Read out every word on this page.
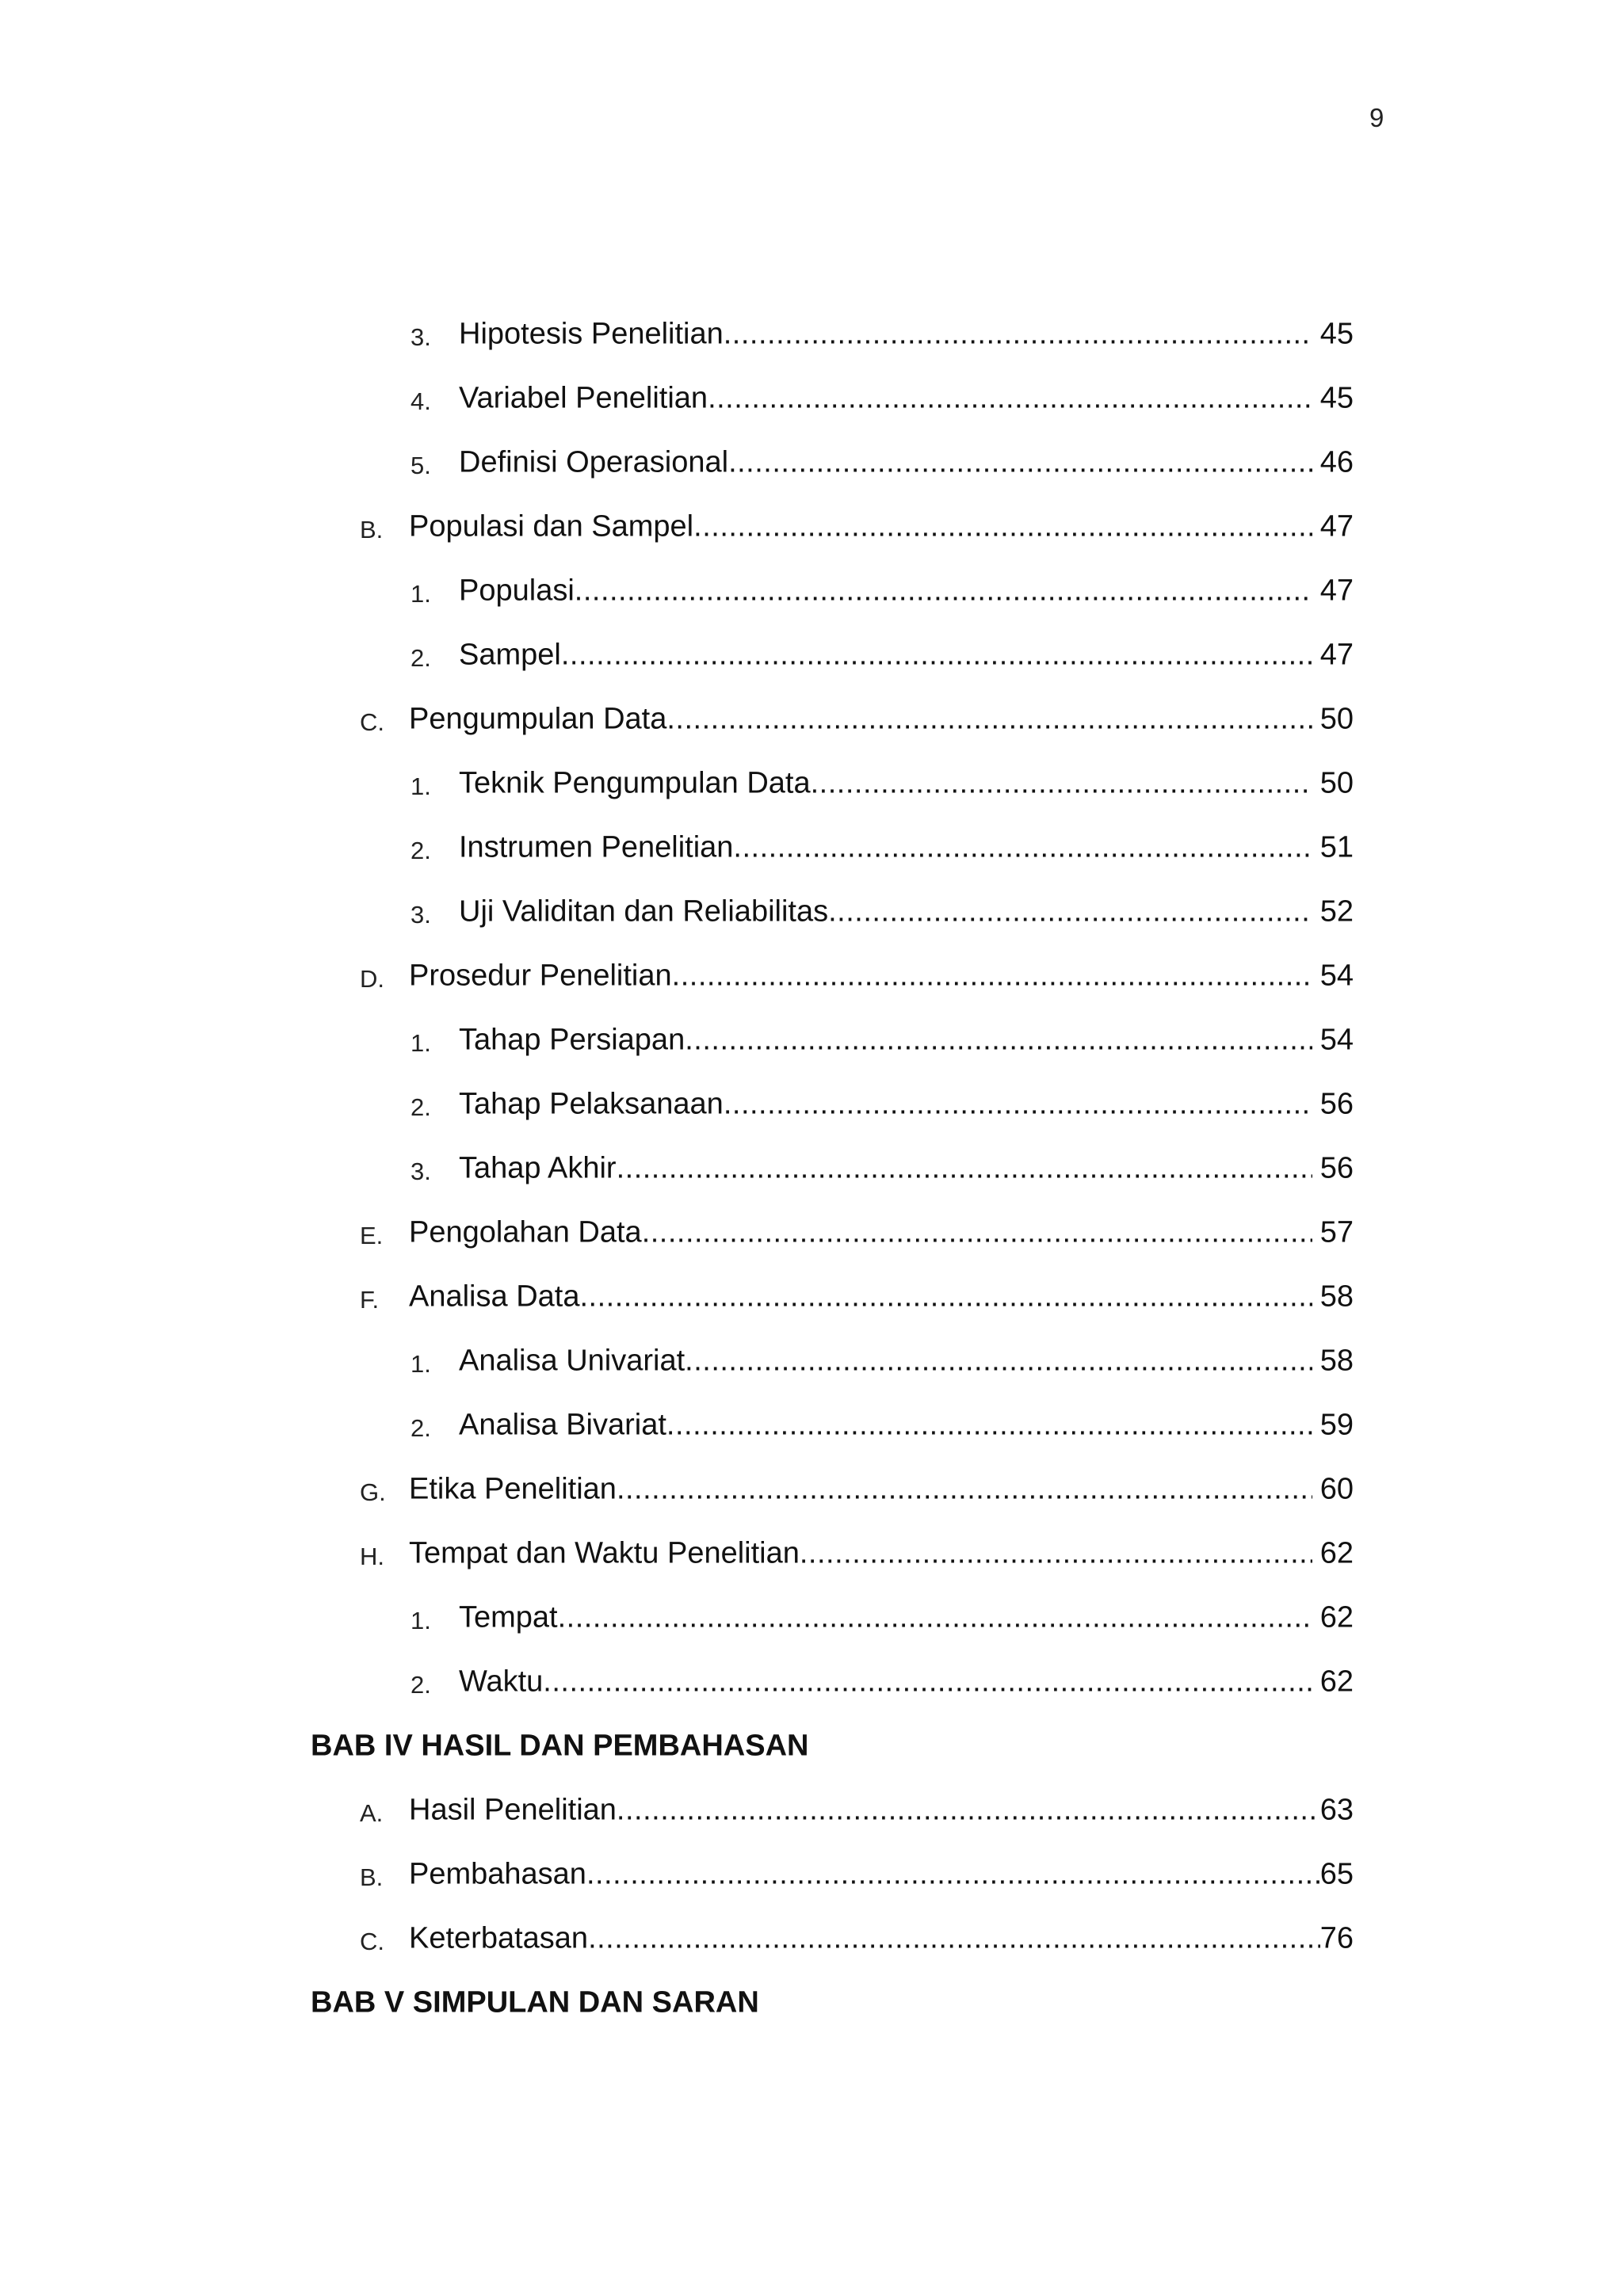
9
3. Hipotesis Penelitian .....	45
4. Variabel Penelitian .....	45
5. Definisi Operasional .....	46
B. Populasi dan Sampel .....	47
1. Populasi .....	47
2. Sampel .....	47
C. Pengumpulan Data .....	50
1. Teknik Pengumpulan Data .....	50
2. Instrumen Penelitian .....	51
3. Uji Validitan dan Reliabilitas .....	52
D. Prosedur Penelitian .....	54
1. Tahap Persiapan .....	54
2. Tahap Pelaksanaan .....	56
3. Tahap Akhir .....	56
E. Pengolahan Data .....	57
F. Analisa Data .....	58
1. Analisa Univariat .....	58
2. Analisa Bivariat .....	59
G. Etika Penelitian .....	60
H. Tempat dan Waktu Penelitian .....	62
1. Tempat .....	62
2. Waktu .....	62
BAB IV HASIL DAN PEMBAHASAN
A. Hasil Penelitian .....	63
B. Pembahasan .....	65
C. Keterbatasan .....	76
BAB V SIMPULAN DAN SARAN
